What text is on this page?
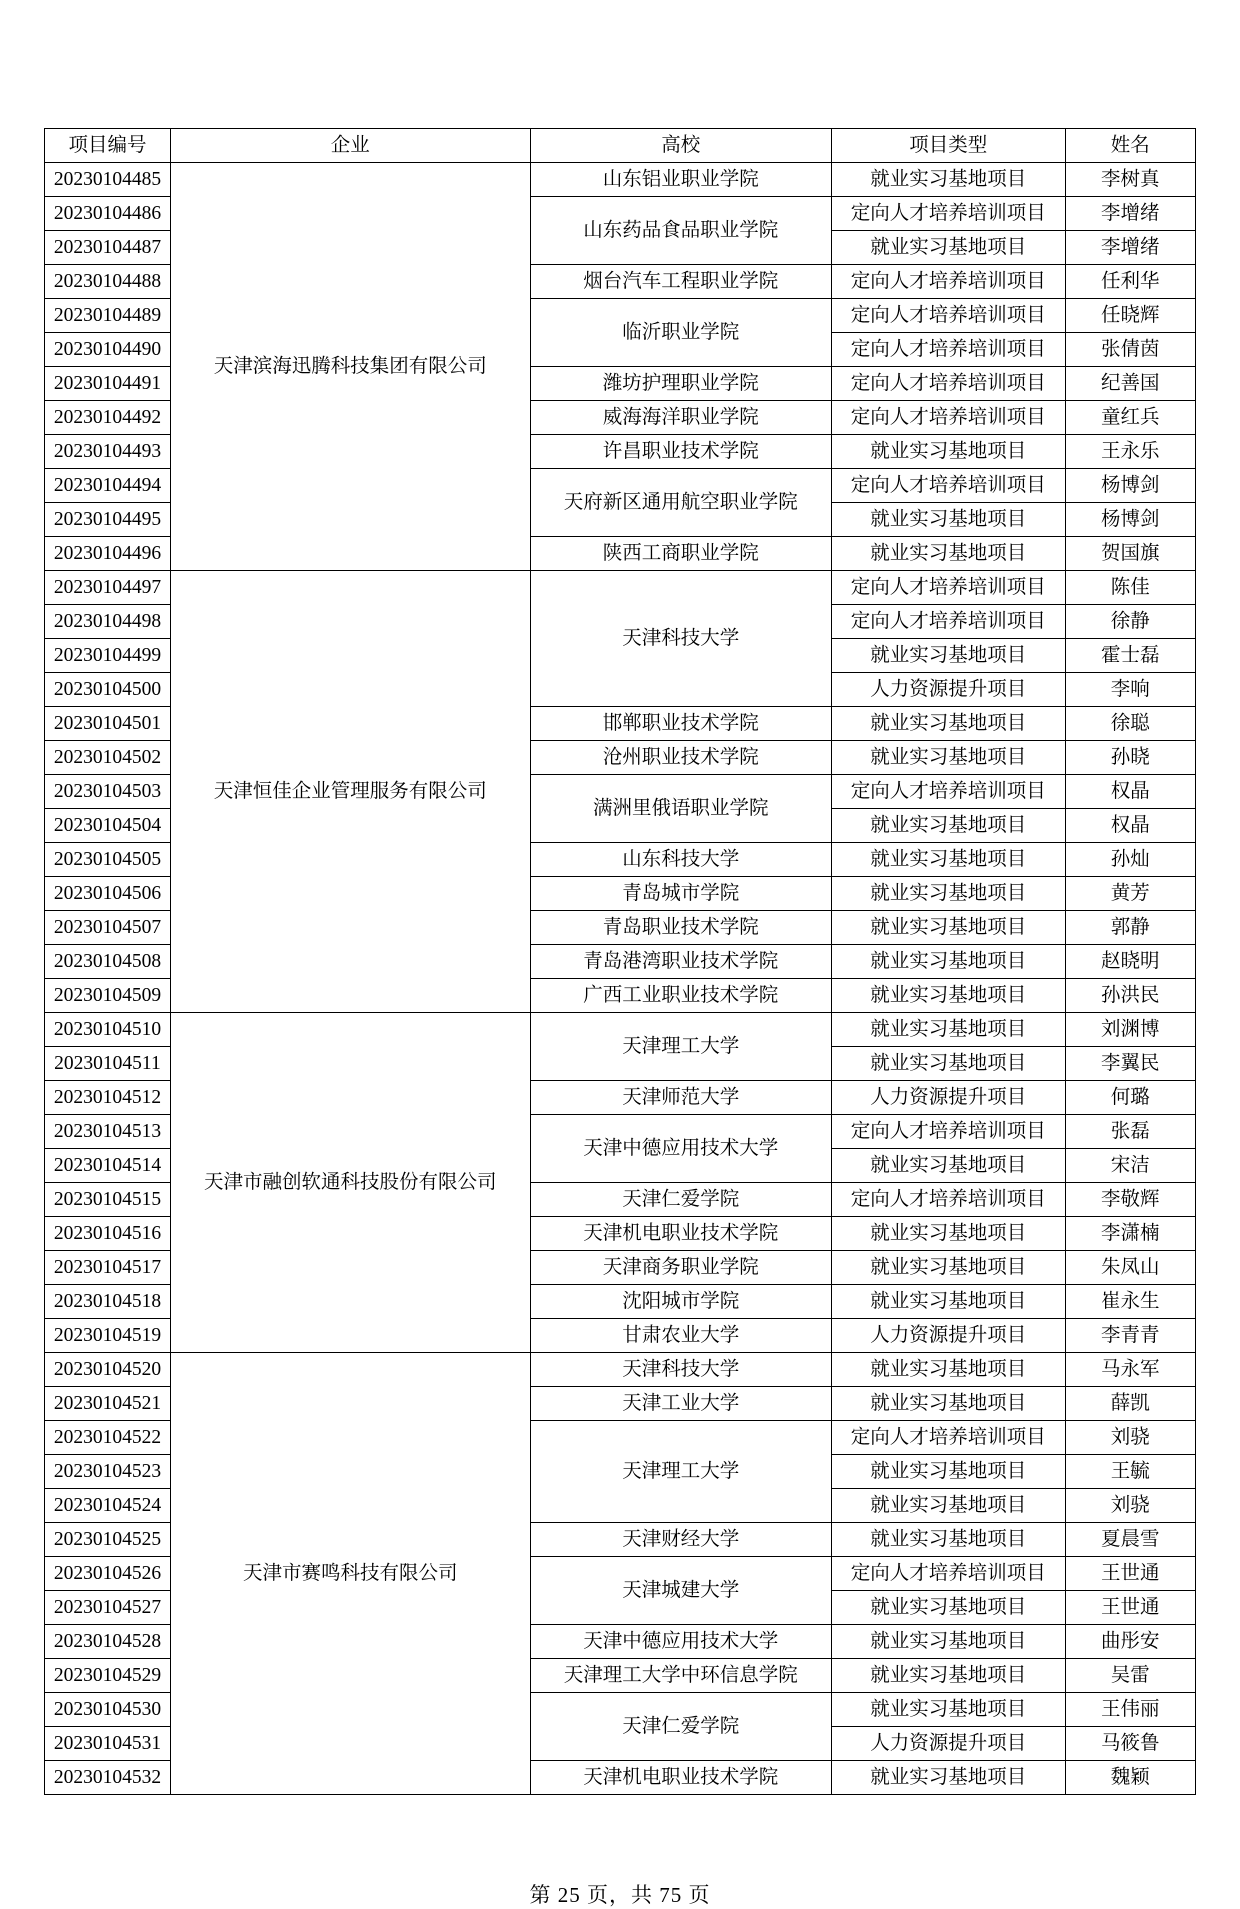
项目编号	企业	高校	项目类型	姓名
20230104485	天津滨海迅腾科技集团有限公司	山东铝业职业学院	就业实习基地项目	李树真
20230104486		山东药品食品职业学院	定向人才培养培训项目	李增绪
20230104487			就业实习基地项目	李增绪
20230104488		烟台汽车工程职业学院	定向人才培养培训项目	任利华
20230104489		临沂职业学院	定向人才培养培训项目	任晓辉
20230104490			定向人才培养培训项目	张倩茵
20230104491		潍坊护理职业学院	定向人才培养培训项目	纪善国
20230104492		威海海洋职业学院	定向人才培养培训项目	童红兵
20230104493		许昌职业技术学院	就业实习基地项目	王永乐
20230104494		天府新区通用航空职业学院	定向人才培养培训项目	杨博剑
20230104495			就业实习基地项目	杨博剑
20230104496		陕西工商职业学院	就业实习基地项目	贺国旗
20230104497	天津恒佳企业管理服务有限公司	天津科技大学	定向人才培养培训项目	陈佳
20230104498			定向人才培养培训项目	徐静
20230104499			就业实习基地项目	霍士磊
20230104500			人力资源提升项目	李响
20230104501		邯郸职业技术学院	就业实习基地项目	徐聪
20230104502		沧州职业技术学院	就业实习基地项目	孙晓
20230104503		满洲里俄语职业学院	定向人才培养培训项目	权晶
20230104504			就业实习基地项目	权晶
20230104505		山东科技大学	就业实习基地项目	孙灿
20230104506		青岛城市学院	就业实习基地项目	黄芳
20230104507		青岛职业技术学院	就业实习基地项目	郭静
20230104508		青岛港湾职业技术学院	就业实习基地项目	赵晓明
20230104509		广西工业职业技术学院	就业实习基地项目	孙洪民
20230104510	天津市融创软通科技股份有限公司	天津理工大学	就业实习基地项目	刘渊博
20230104511			就业实习基地项目	李翼民
20230104512		天津师范大学	人力资源提升项目	何璐
20230104513		天津中德应用技术大学	定向人才培养培训项目	张磊
20230104514			就业实习基地项目	宋洁
20230104515		天津仁爱学院	定向人才培养培训项目	李敬辉
20230104516		天津机电职业技术学院	就业实习基地项目	李潇楠
20230104517		天津商务职业学院	就业实习基地项目	朱凤山
20230104518		沈阳城市学院	就业实习基地项目	崔永生
20230104519		甘肃农业大学	人力资源提升项目	李青青
20230104520	天津市赛鸣科技有限公司	天津科技大学	就业实习基地项目	马永军
20230104521		天津工业大学	就业实习基地项目	薛凯
20230104522		天津理工大学	定向人才培养培训项目	刘骁
20230104523			就业实习基地项目	王毓
20230104524			就业实习基地项目	刘骁
20230104525		天津财经大学	就业实习基地项目	夏晨雪
20230104526		天津城建大学	定向人才培养培训项目	王世通
20230104527			就业实习基地项目	王世通
20230104528		天津中德应用技术大学	就业实习基地项目	曲彤安
20230104529		天津理工大学中环信息学院	就业实习基地项目	吴雷
20230104530		天津仁爱学院	就业实习基地项目	王伟丽
20230104531			人力资源提升项目	马筱鲁
20230104532		天津机电职业技术学院	就业实习基地项目	魏颖
第 25 页，共 75 页
